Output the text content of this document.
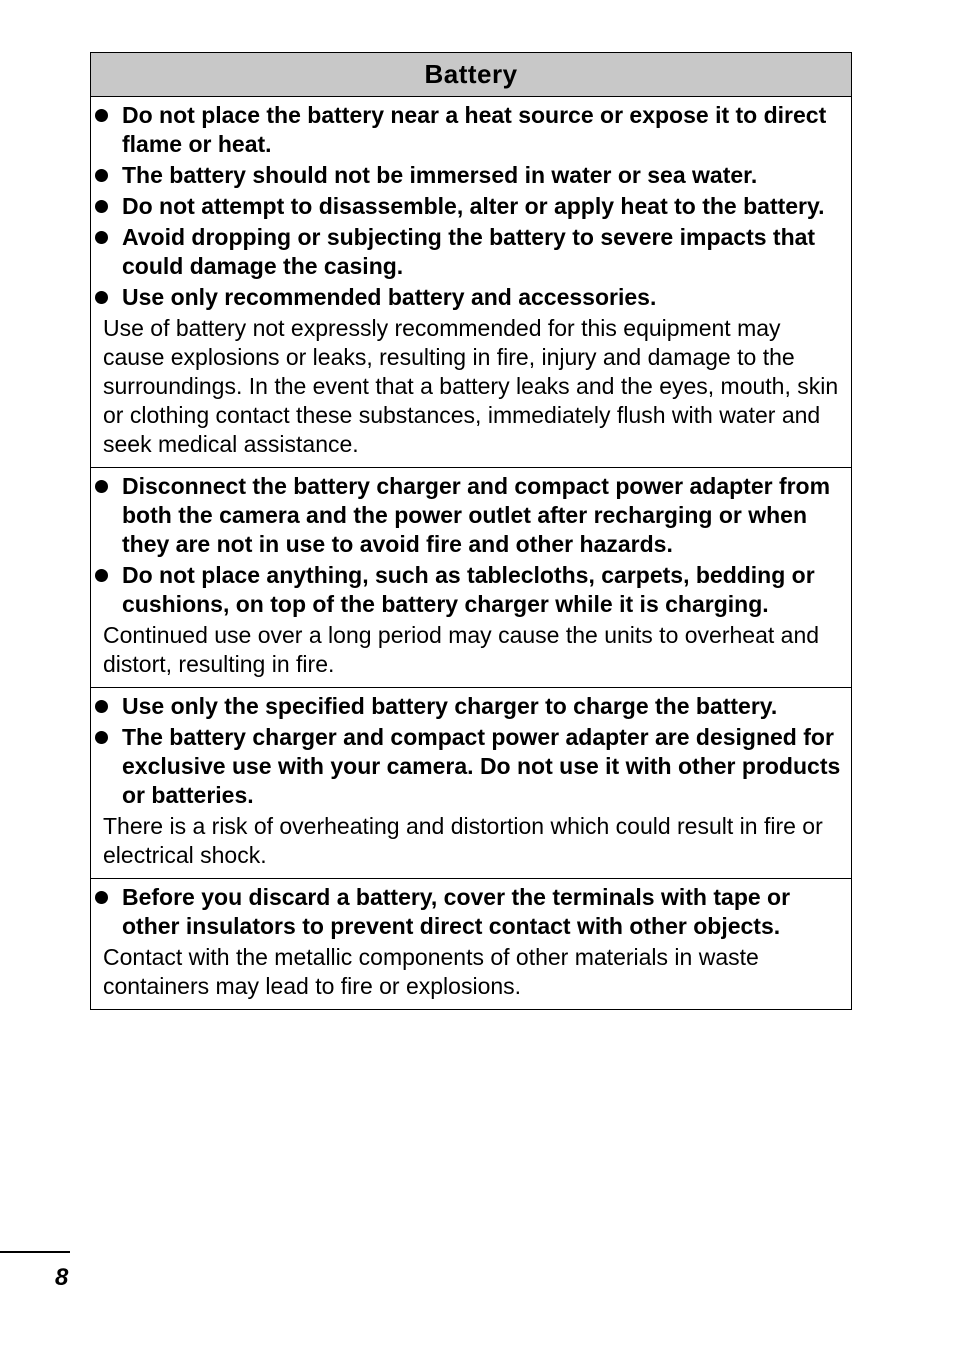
Battery
Do not place the battery near a heat source or expose it to direct flame or heat.
The battery should not be immersed in water or sea water.
Do not attempt to disassemble, alter or apply heat to the battery.
Avoid dropping or subjecting the battery to severe impacts that could damage the casing.
Use only recommended battery and accessories.
Use of battery not expressly recommended for this equipment may cause explosions or leaks, resulting in fire, injury and damage to the surroundings. In the event that a battery leaks and the eyes, mouth, skin or clothing contact these substances, immediately flush with water and seek medical assistance.
Disconnect the battery charger and compact power adapter from both the camera and the power outlet after recharging or when they are not in use to avoid fire and other hazards.
Do not place anything, such as tablecloths, carpets, bedding or cushions, on top of the battery charger while it is charging.
Continued use over a long period may cause the units to overheat and distort, resulting in fire.
Use only the specified battery charger to charge the battery.
The battery charger and compact power adapter are designed for exclusive use with your camera. Do not use it with other products or batteries.
There is a risk of overheating and distortion which could result in fire or electrical shock.
Before you discard a battery, cover the terminals with tape or other insulators to prevent direct contact with other objects.
Contact with the metallic components of other materials in waste containers may lead to fire or explosions.
8
